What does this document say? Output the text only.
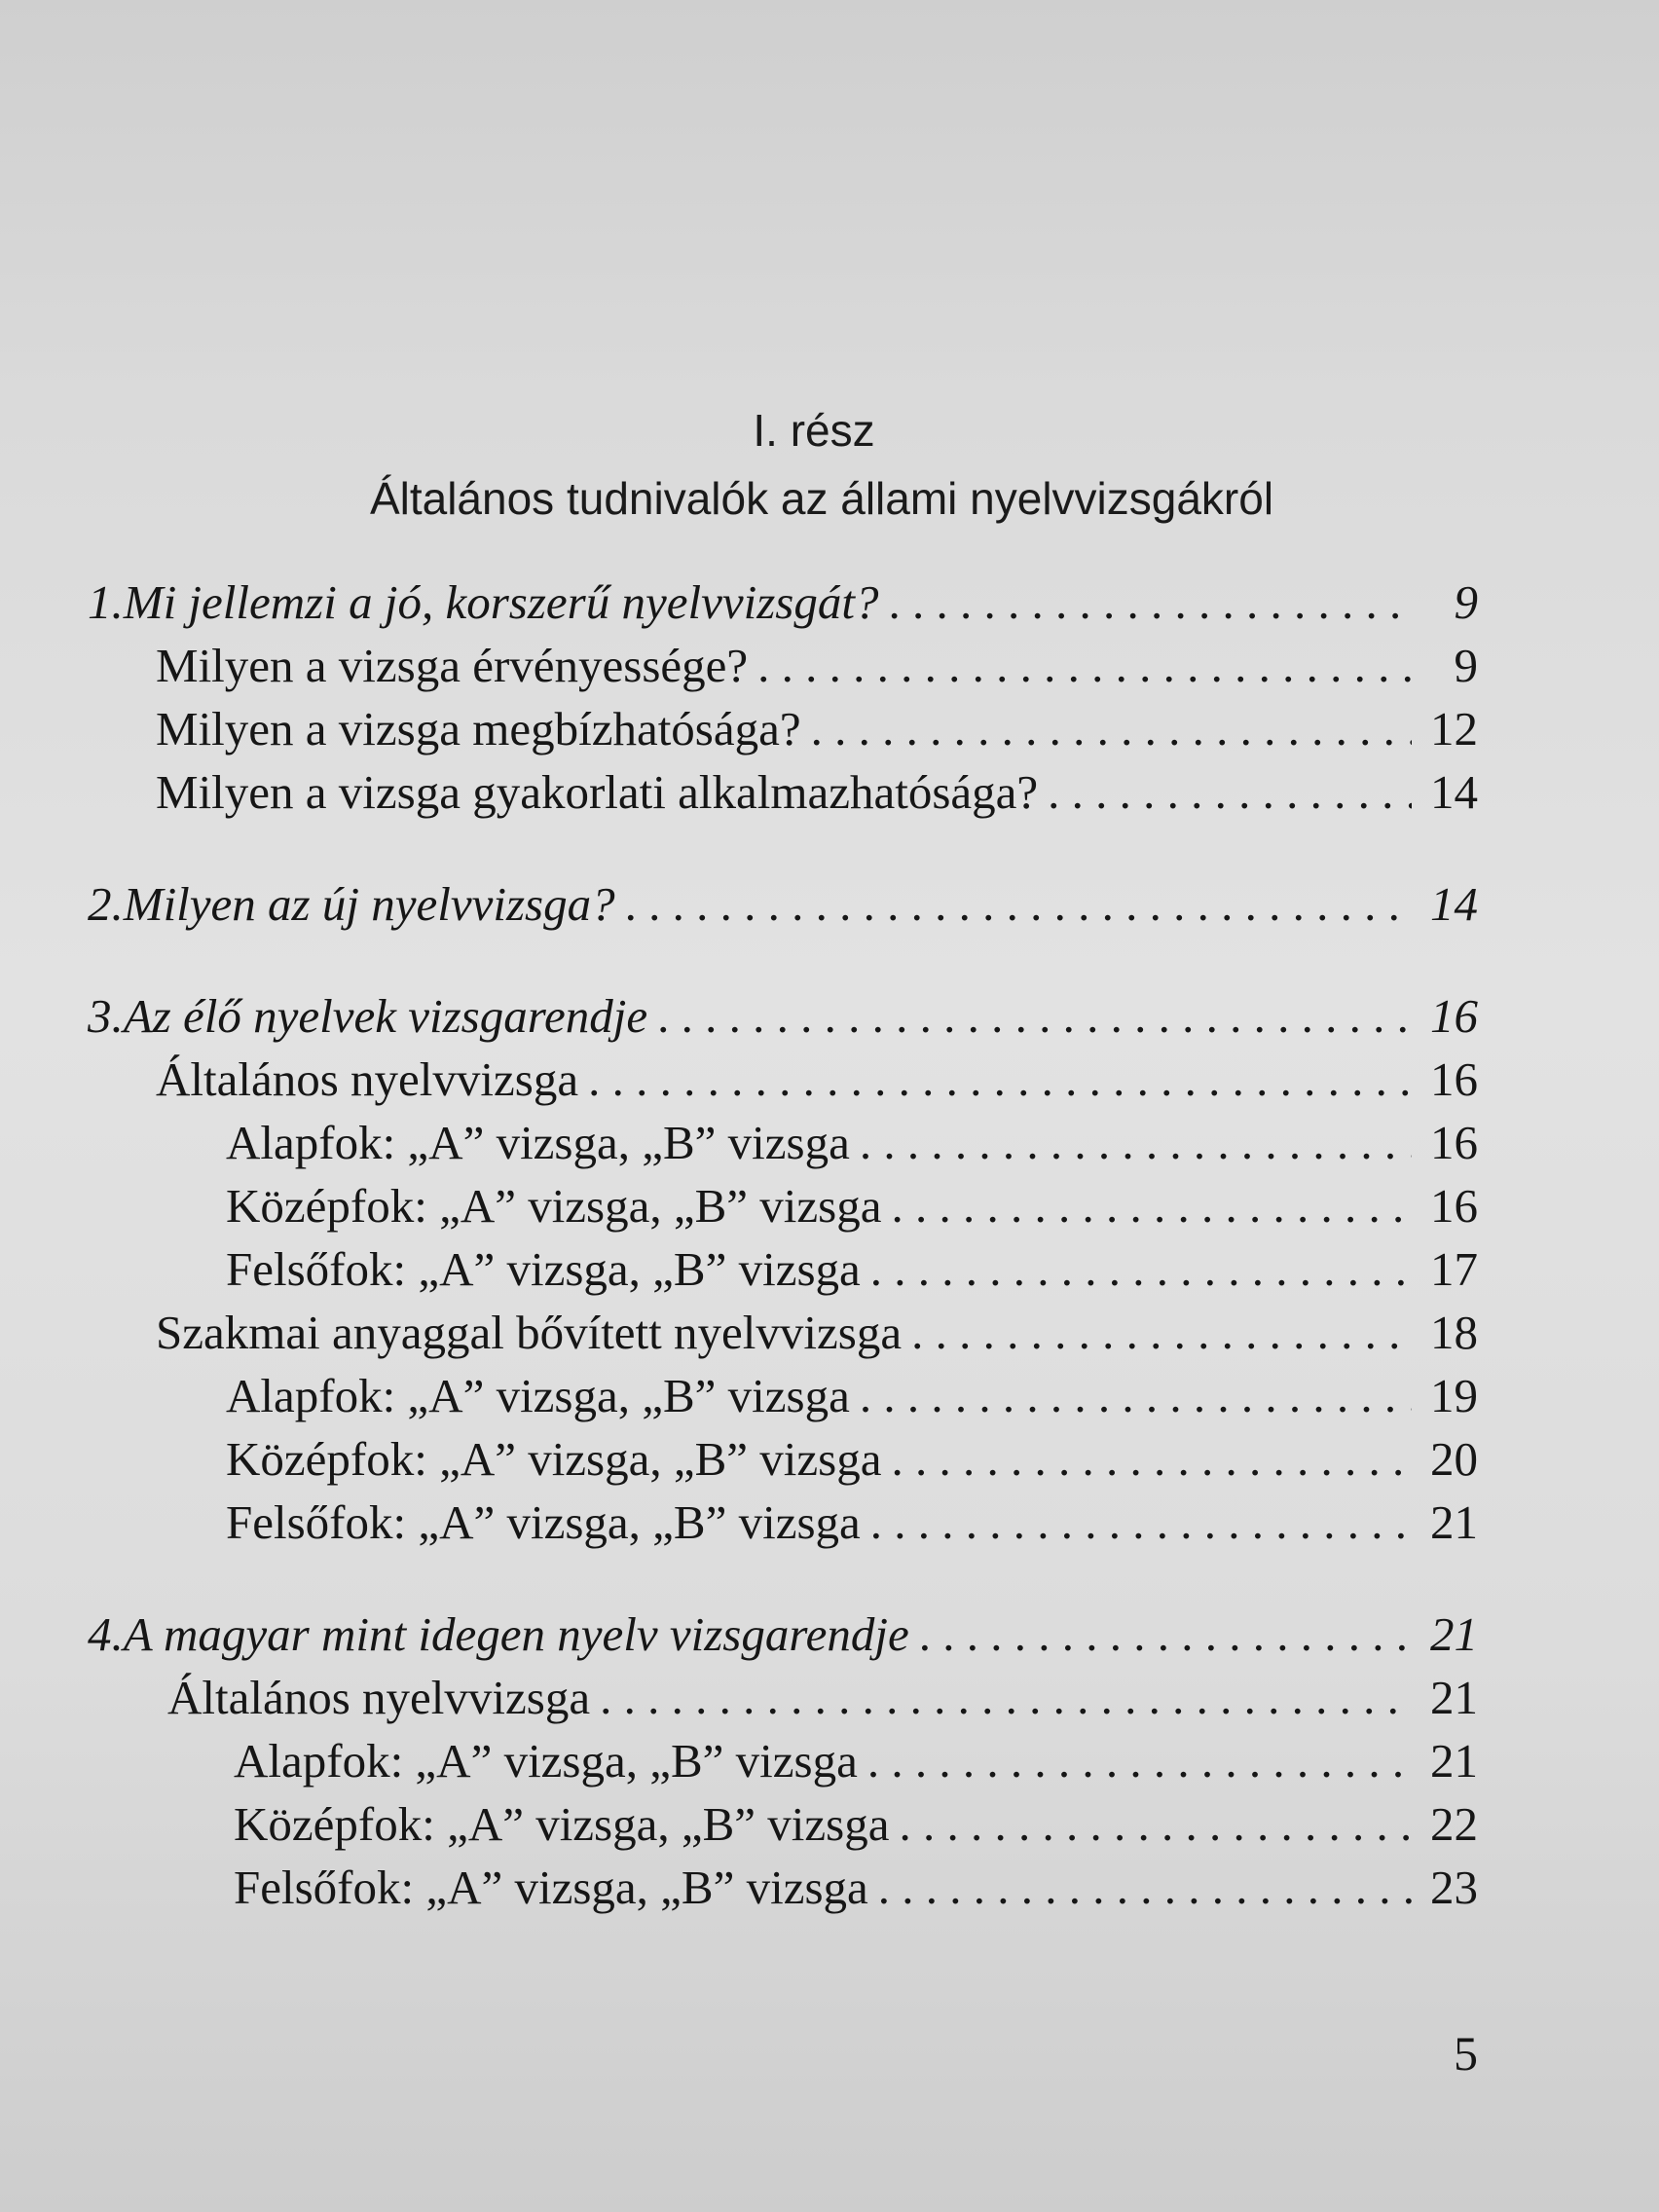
I. rész
Általános tudnivalók az állami nyelvvizsgákról
1. Mi jellemzi a jó, korszerű nyelvvizsgát? . . .	9
Milyen a vizsga érvényessége? . . .	9
Milyen a vizsga megbízhatósága? . . .	12
Milyen a vizsga gyakorlati alkalmazhatósága? . . .	14
2. Milyen az új nyelvvizsga? . . .	14
3. Az élő nyelvek vizsgarendje . . .	16
Általános nyelvvizsga . . .	16
Alapfok: „A” vizsga, „B” vizsga . . .	16
Középfok: „A” vizsga, „B” vizsga . . .	16
Felsőfok: „A” vizsga, „B” vizsga . . .	17
Szakmai anyaggal bővített nyelvvizsga . . .	18
Alapfok: „A” vizsga, „B” vizsga . . .	19
Középfok: „A” vizsga, „B” vizsga . . .	20
Felsőfok: „A” vizsga, „B” vizsga . . .	21
4. A magyar mint idegen nyelv vizsgarendje . . .	21
Általános nyelvvizsga . . .	21
Alapfok: „A” vizsga, „B” vizsga . . .	21
Középfok: „A” vizsga, „B” vizsga . . .	22
Felsőfok: „A” vizsga, „B” vizsga . . .	23
5
